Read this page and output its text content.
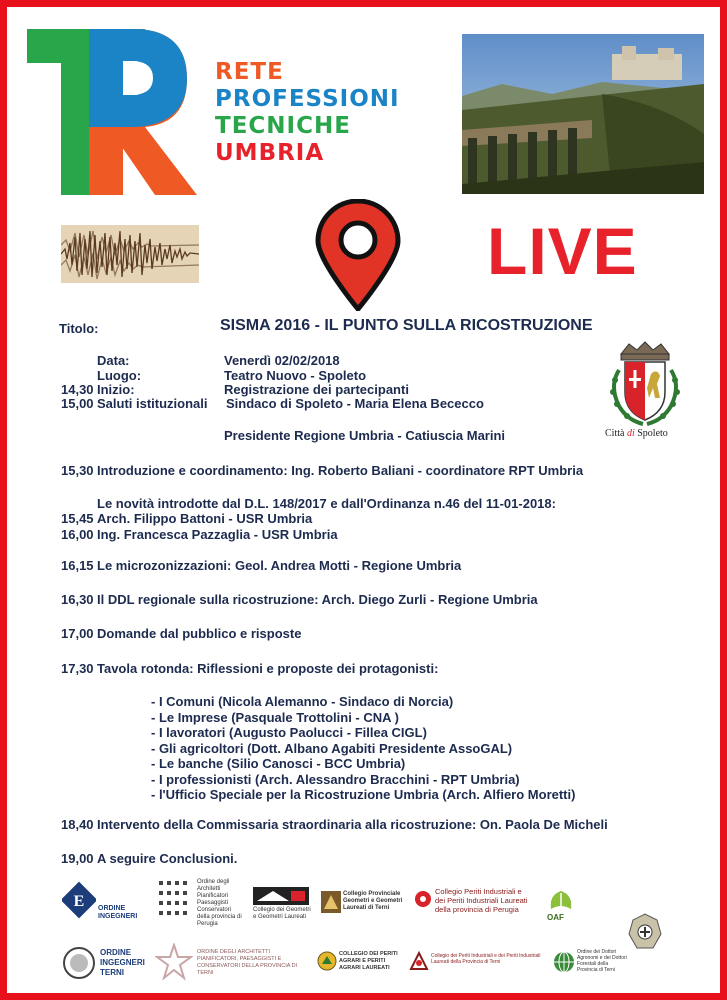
RETE
PROFESSIONI
TECNICHE
UMBRIA
LIVE
Città di Spoleto
Titolo:	SISMA 2016 - IL PUNTO SULLA RICOSTRUZIONE
Data:	Venerdì 02/02/2018
Luogo:	Teatro Nuovo - Spoleto
14,30 Inizio:	Registrazione dei partecipanti
15,00 Saluti istituzionali Sindaco di Spoleto - Maria Elena Bececco
Presidente Regione Umbria - Catiuscia Marini
15,30 Introduzione e coordinamento: Ing. Roberto Baliani - coordinatore RPT Umbria
Le novità introdotte dal D.L. 148/2017 e dall'Ordinanza n.46 del 11-01-2018:
15,45 Arch. Filippo Battoni - USR Umbria
16,00 Ing. Francesca Pazzaglia - USR Umbria
16,15 Le microzonizzazioni: Geol. Andrea Motti - Regione Umbria
16,30 Il DDL regionale sulla ricostruzione: Arch. Diego Zurli - Regione Umbria
17,00 Domande dal pubblico e risposte
17,30 Tavola rotonda: Riflessioni e proposte dei protagonisti:
- I Comuni (Nicola Alemanno - Sindaco di Norcia)
- Le Imprese (Pasquale Trottolini - CNA )
- I lavoratori (Augusto Paolucci - Fillea CIGL)
- Gli agricoltori (Dott. Albano Agabiti Presidente AssoGAL)
- Le banche (Silio Canosci - BCC Umbria)
- I professionisti (Arch. Alessandro Bracchini - RPT Umbria)
- l'Ufficio Speciale per la Ricostruzione Umbria (Arch. Alfiero Moretti)
18,40 Intervento della Commissaria straordinaria alla ricostruzione: On. Paola De Micheli
19,00 A seguire Conclusioni.
E ORDINE INGEGNERI
Ordine degli Architetti Pianificatori Paesaggisti Conservatori della provincia di Perugia
Collegio dei Geometri e Geometri Laureati
Collegio Provinciale Geometri e Geometri Laureati di Terni
Collegio Periti Industriali e dei Periti Industriali Laureati della provincia di Perugia
OAF
ORDINE INGEGNERI TERNI
ORDINE DEGLI ARCHITETTI PIANIFICATORI, PAESAGGISTI E CONSERVATORI DELLA PROVINCIA DI TERNI
COLLEGIO DEI PERITI AGRARI E PERITI AGRARI LAUREATI
Collegio dei Periti Industriali e dei Periti Industriali Laureati della Provincia di Terni
Ordine dei Dottori Agronomi e dei Dottori Forestali della Provincia di Terni
